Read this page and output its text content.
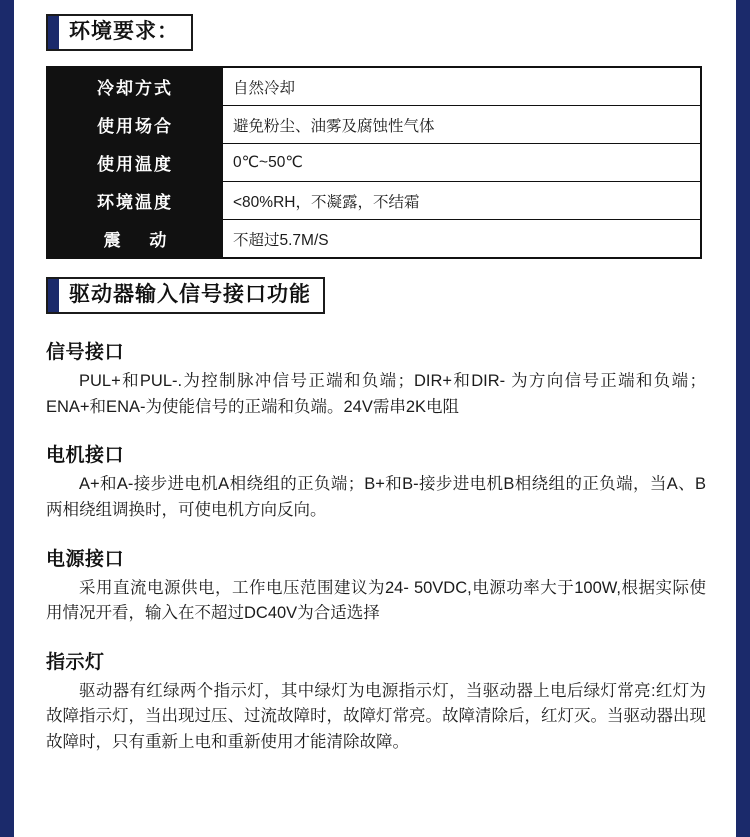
环境要求：
冷却方式	自然冷却
使用场合	避免粉尘、油雾及腐蚀性气体
使用温度	0℃~50℃
环境温度	<80%RH，不凝露，不结霜
震 动	不超过5.7M/S
驱动器输入信号接口功能
信号接口
PUL+和PUL-.为控制脉冲信号正端和负端；DIR+和DIR- 为方向信号正端和负端；ENA+和ENA-为使能信号的正端和负端。24V需串2K电阻
电机接口
A+和A-接步进电机A相绕组的正负端；B+和B-接步进电机B相绕组的正负端，当A、B两相绕组调换时，可使电机方向反向。
电源接口
采用直流电源供电，工作电压范围建议为24- 50VDC,电源功率大于100W,根据实际使用情况开看，输入在不超过DC40V为合适选择
指示灯
驱动器有红绿两个指示灯，其中绿灯为电源指示灯，当驱动器上电后绿灯常亮:红灯为故障指示灯，当出现过压、过流故障时，故障灯常亮。故障清除后，红灯灭。当驱动器出现故障时，只有重新上电和重新使用才能清除故障。
